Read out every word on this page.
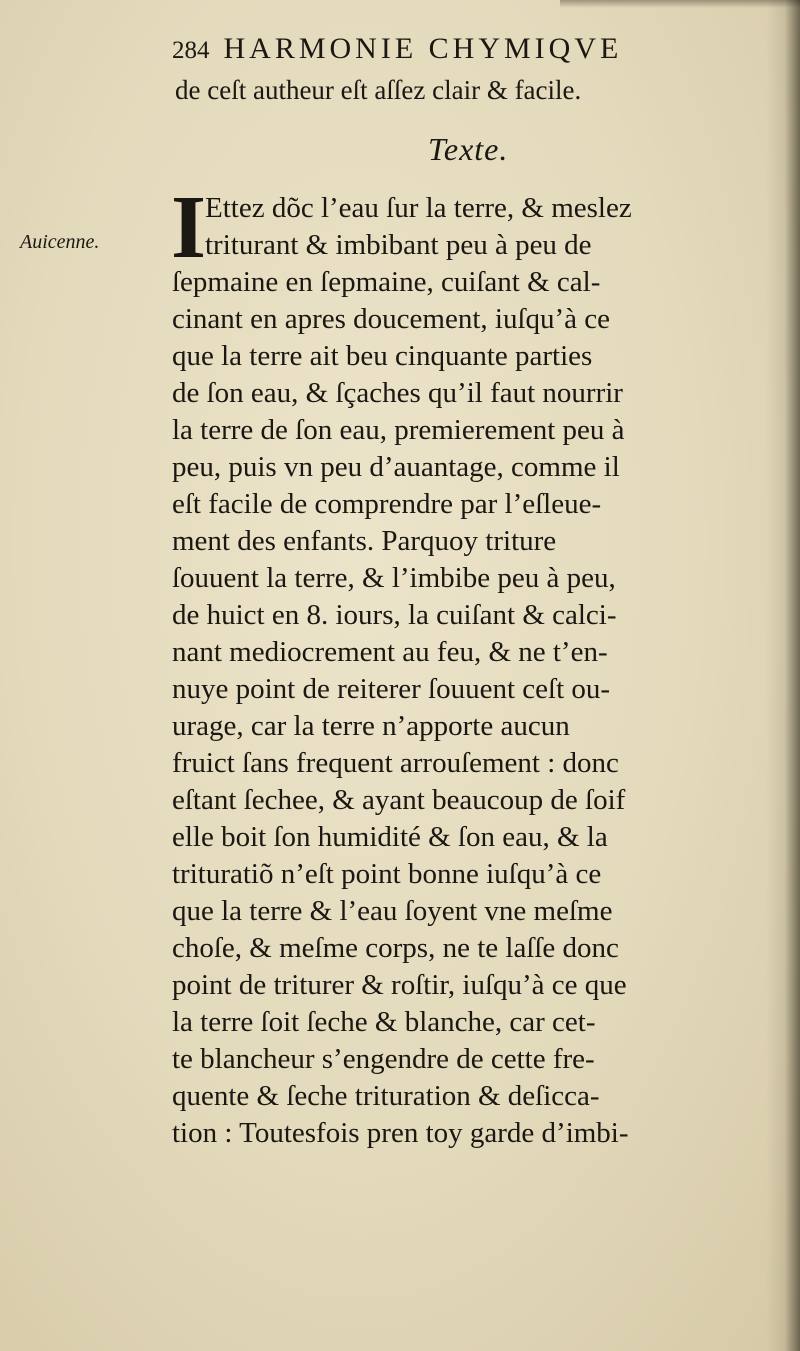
284 HARMONIE CHYMIQVE
de ceſt autheur eſt aſſez clair & facile.
Texte.
Auicenne. I
Ettez dõc l’eau ſur la terre, & meslez
triturant & imbibant peu à peu de
ſepmaine en ſepmaine, cuiſant & cal-
cinant en apres doucement, iuſqu’à ce
que la terre ait beu cinquante parties
de ſon eau, & ſçaches qu’il faut nourrir
la terre de ſon eau, premierement peu à
peu, puis vn peu d’auantage, comme il
eſt facile de comprendre par l’eſleue-
ment des enfants. Parquoy triture
ſouuent la terre, & l’imbibe peu à peu,
de huict en 8. iours, la cuiſant & calci-
nant mediocrement au feu, & ne t’en-
nuye point de reiterer ſouuent ceſt ou-
urage, car la terre n’apporte aucun
fruict ſans frequent arrouſement : donc
eſtant ſechee, & ayant beaucoup de ſoif
elle boit ſon humidité & ſon eau, & la
trituratiõ n’eſt point bonne iuſqu’à ce
que la terre & l’eau ſoyent vne meſme
choſe, & meſme corps, ne te laſſe donc
point de triturer & roſtir, iuſqu’à ce que
la terre ſoit ſeche & blanche, car cet-
te blancheur s’engendre de cette fre-
quente & ſeche trituration & deſicca-
tion : Toutesfois pren toy garde d’imbi-
